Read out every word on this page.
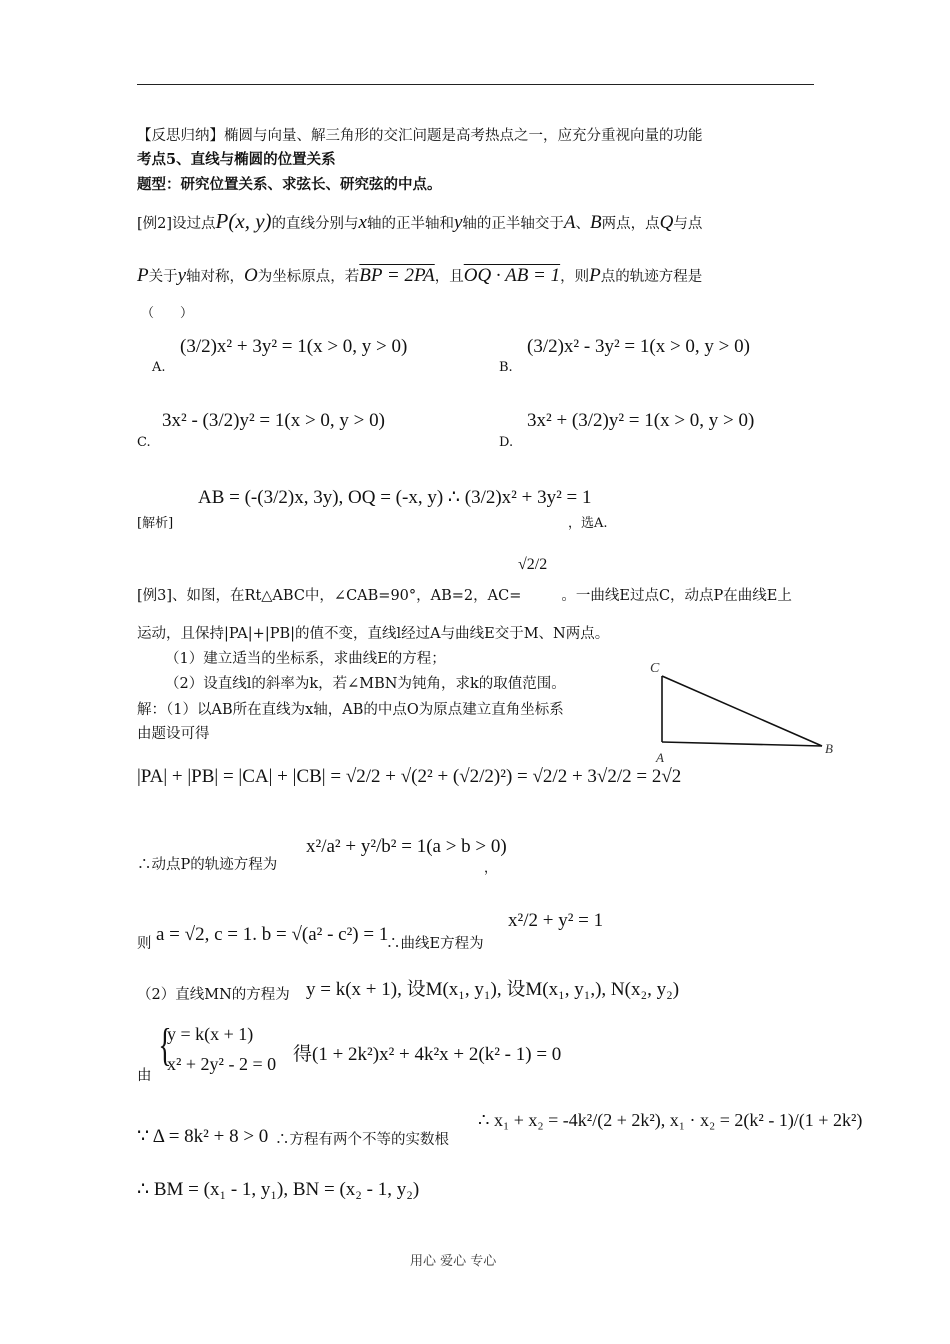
【反思归纳】椭圆与向量、解三角形的交汇问题是高考热点之一，应充分重视向量的功能
考点5、直线与椭圆的位置关系
题型：研究位置关系、求弦长、研究弦的中点。
[例2]设过点P(x, y)的直线分别与x轴的正半轴和y轴的正半轴交于A、B两点，点Q与点
P关于y轴对称，O为坐标原点，若BP = 2PA，且OQ · AB = 1，则P点的轨迹方程是
（　　）
A.
(3/2)x² + 3y² = 1(x > 0, y > 0)
B.
(3/2)x² - 3y² = 1(x > 0, y > 0)
C.
3x² - (3/2)y² = 1(x > 0, y > 0)
D.
3x² + (3/2)y² = 1(x > 0, y > 0)
[解析]
AB = (-(3/2)x, 3y), OQ = (-x, y) ∴ (3/2)x² + 3y² = 1
，选A.
√2/2
[例3]、如图，在Rt△ABC中，∠CAB=90°，AB=2，AC=	。一曲线E过点C，动点P在曲线E上
运动，且保持|PA|+|PB|的值不变，直线l经过A与曲线E交于M、N两点。
（1）建立适当的坐标系，求曲线E的方程；
（2）设直线l的斜率为k，若∠MBN为钝角，求k的取值范围。
解：（1）以AB所在直线为x轴，AB的中点O为原点建立直角坐标系
由题设可得
C
A
B
|PA| + |PB| = |CA| + |CB| = √2/2 + √(2² + (√2/2)²) = √2/2 + 3√2/2 = 2√2
∴动点P的轨迹方程为
x²/a² + y²/b² = 1(a > b > 0)
，
则 a = √2, c = 1. b = √(a² - c²) = 1
∴曲线E方程为
x²/2 + y² = 1
（2）直线MN的方程为 y = k(x + 1), 设M(x₁, y₁), 设M(x₁, y₁,), N(x₂, y₂)
由
{
y = k(x + 1)
x² + 2y² - 2 = 0 得(1 + 2k²)x² + 4k²x + 2(k² - 1) = 0
∵ Δ = 8k² + 8 > 0 ∴方程有两个不等的实数根
∴ x₁ + x₂ = -4k²/(2 + 2k²), x₁ · x₂ = 2(k² - 1)/(1 + 2k²)
∴ BM = (x₁ - 1, y₁), BN = (x₂ - 1, y₂)
用心 爱心 专心
